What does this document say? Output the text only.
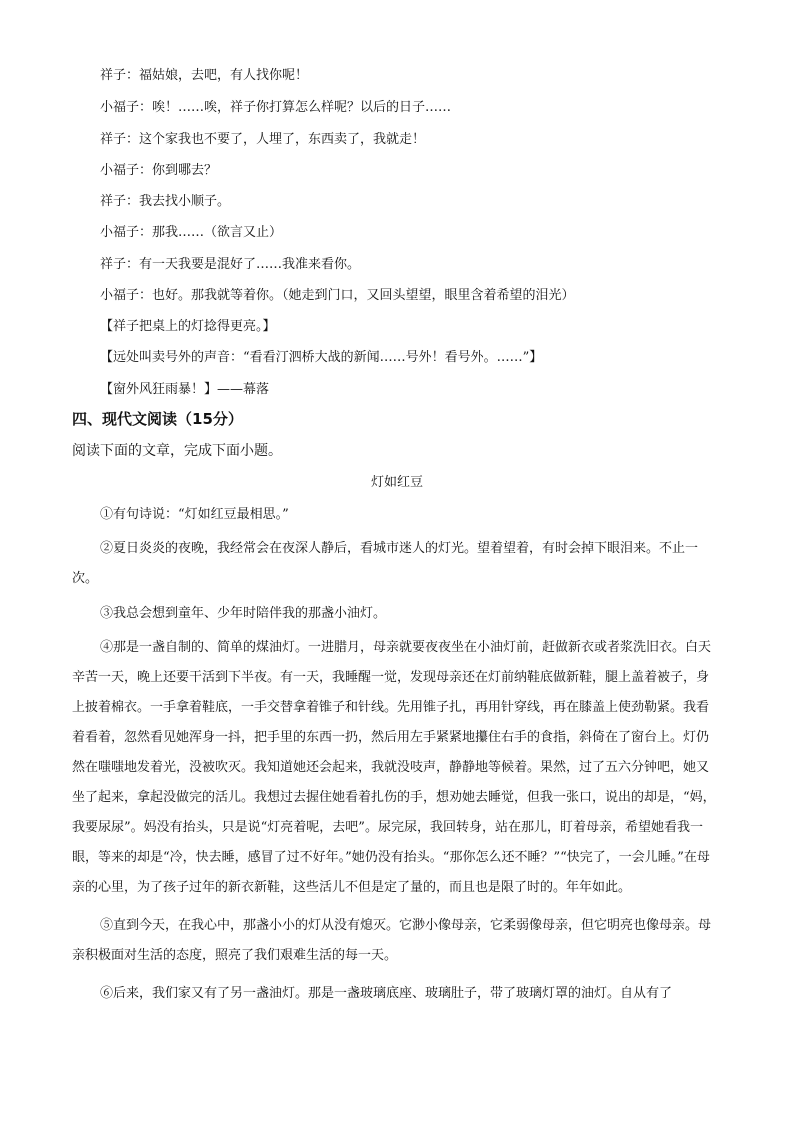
祥子：福姑娘，去吧，有人找你呢！
小福子：唉！……唉，祥子你打算怎么样呢？以后的日子……
祥子：这个家我也不要了，人埋了，东西卖了，我就走！
小福子：你到哪去？
祥子：我去找小顺子。
小福子：那我……（欲言又止）
祥子：有一天我要是混好了……我准来看你。
小福子：也好。那我就等着你。（她走到门口，又回头望望，眼里含着希望的泪光）
【祥子把桌上的灯捻得更亮。】
【远处叫卖号外的声音：“看看汀泗桥大战的新闻……号外！看号外。……”】
【窗外风狂雨暴！】——幕落
四、现代文阅读（15分）
阅读下面的文章，完成下面小题。
灯如红豆

①有句诗说：“灯如红豆最相思。”

②夏日炎炎的夜晚，我经常会在夜深人静后，看城市迷人的灯光。望着望着，有时会掉下眼泪来。不止一次。

③我总会想到童年、少年时陪伴我的那盏小油灯。

④那是一盏自制的、简单的煤油灯。一进腊月，母亲就要夜夜坐在小油灯前，赶做新衣或者浆洗旧衣。白天辛苦一天，晚上还要干活到下半夜。有一天，我睡醒一觉，发现母亲还在灯前纳鞋底做新鞋，腿上盖着被子，身上披着棉衣。一手拿着鞋底，一手交替拿着锥子和针线。先用锥子扎，再用针穿线，再在膝盖上使劲勒紧。我看着看着，忽然看见她浑身一抖，把手里的东西一扔，然后用左手紧紧地攥住右手的食指，斜倚在了窗台上。灯仍然在嗤嗤地发着光，没被吹灭。我知道她还会起来，我就没吱声，静静地等候着。果然，过了五六分钟吧，她又坐了起来，拿起没做完的活儿。我想过去握住她看着扎伤的手，想劝她去睡觉，但我一张口，说出的却是，“妈，我要尿尿”。妈没有抬头，只是说“灯亮着呢，去吧”。尿完尿，我回转身，站在那儿，盯着母亲，希望她看我一眼，等来的却是“冷，快去睡，感冒了过不好年。”她仍没有抬头。“那你怎么还不睡？”“快完了，一会儿睡。”在母亲的心里，为了孩子过年的新衣新鞋，这些活儿不但是定了量的，而且也是限了时的。年年如此。

⑤直到今天，在我心中，那盏小小的灯从没有熄灭。它渺小像母亲，它柔弱像母亲，但它明亮也像母亲。母亲积极面对生活的态度，照亮了我们艰难生活的每一天。

⑥后来，我们家又有了另一盏油灯。那是一盏玻璃底座、玻璃肚子，带了玻璃灯罩的油灯。自从有了
